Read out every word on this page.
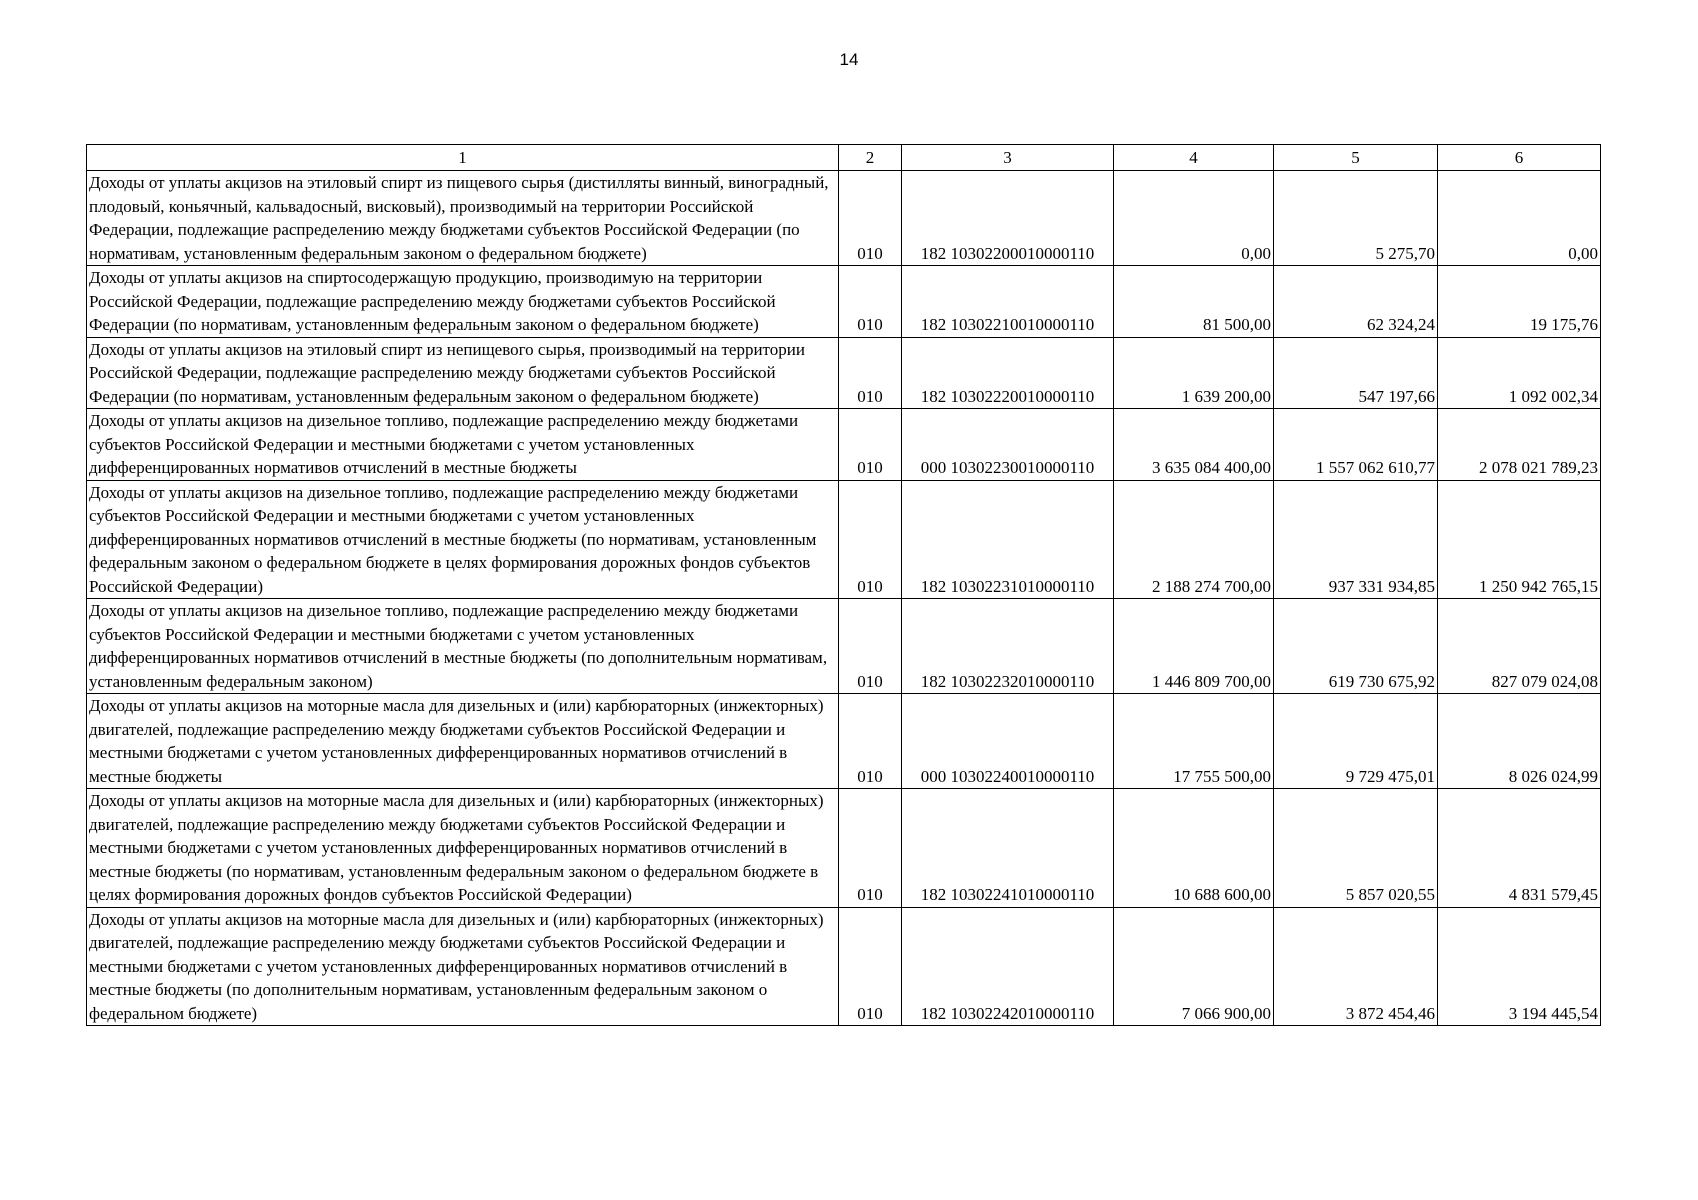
14
1	2	3	4	5	6
Доходы от уплаты акцизов на этиловый спирт из пищевого сырья (дистилляты винный, виноградный, плодовый, коньячный, кальвадосный, висковый), производимый на территории Российской Федерации, подлежащие распределению между бюджетами субъектов Российской Федерации (по нормативам, установленным федеральным законом о федеральном бюджете)	010	182 10302200010000110	0,00	5 275,70	0,00
Доходы от уплаты акцизов на спиртосодержащую продукцию, производимую на территории Российской Федерации, подлежащие распределению между бюджетами субъектов Российской Федерации (по нормативам, установленным федеральным законом о федеральном бюджете)	010	182 10302210010000110	81 500,00	62 324,24	19 175,76
Доходы от уплаты акцизов на этиловый спирт из непищевого сырья, производимый на территории Российской Федерации, подлежащие распределению между бюджетами субъектов Российской Федерации (по нормативам, установленным федеральным законом о федеральном бюджете)	010	182 10302220010000110	1 639 200,00	547 197,66	1 092 002,34
Доходы от уплаты акцизов на дизельное топливо, подлежащие распределению между бюджетами субъектов Российской Федерации и местными бюджетами с учетом установленных дифференцированных нормативов отчислений в местные бюджеты	010	000 10302230010000110	3 635 084 400,00	1 557 062 610,77	2 078 021 789,23
Доходы от уплаты акцизов на дизельное топливо, подлежащие распределению между бюджетами субъектов Российской Федерации и местными бюджетами с учетом установленных дифференцированных нормативов отчислений в местные бюджеты (по нормативам, установленным федеральным законом о федеральном бюджете в целях формирования дорожных фондов субъектов Российской Федерации)	010	182 10302231010000110	2 188 274 700,00	937 331 934,85	1 250 942 765,15
Доходы от уплаты акцизов на дизельное топливо, подлежащие распределению между бюджетами субъектов Российской Федерации и местными бюджетами с учетом установленных дифференцированных нормативов отчислений в местные бюджеты (по дополнительным нормативам, установленным федеральным законом)	010	182 10302232010000110	1 446 809 700,00	619 730 675,92	827 079 024,08
Доходы от уплаты акцизов на моторные масла для дизельных и (или) карбюраторных (инжекторных) двигателей, подлежащие распределению между бюджетами субъектов Российской Федерации и местными бюджетами с учетом установленных дифференцированных нормативов отчислений в местные бюджеты	010	000 10302240010000110	17 755 500,00	9 729 475,01	8 026 024,99
Доходы от уплаты акцизов на моторные масла для дизельных и (или) карбюраторных (инжекторных) двигателей, подлежащие распределению между бюджетами субъектов Российской Федерации и местными бюджетами с учетом установленных дифференцированных нормативов отчислений в местные бюджеты (по нормативам, установленным федеральным законом о федеральном бюджете в целях формирования дорожных фондов субъектов Российской Федерации)	010	182 10302241010000110	10 688 600,00	5 857 020,55	4 831 579,45
Доходы от уплаты акцизов на моторные масла для дизельных и (или) карбюраторных (инжекторных) двигателей, подлежащие распределению между бюджетами субъектов Российской Федерации и местными бюджетами с учетом установленных дифференцированных нормативов отчислений в местные бюджеты (по дополнительным нормативам, установленным федеральным законом о федеральном бюджете)	010	182 10302242010000110	7 066 900,00	3 872 454,46	3 194 445,54
